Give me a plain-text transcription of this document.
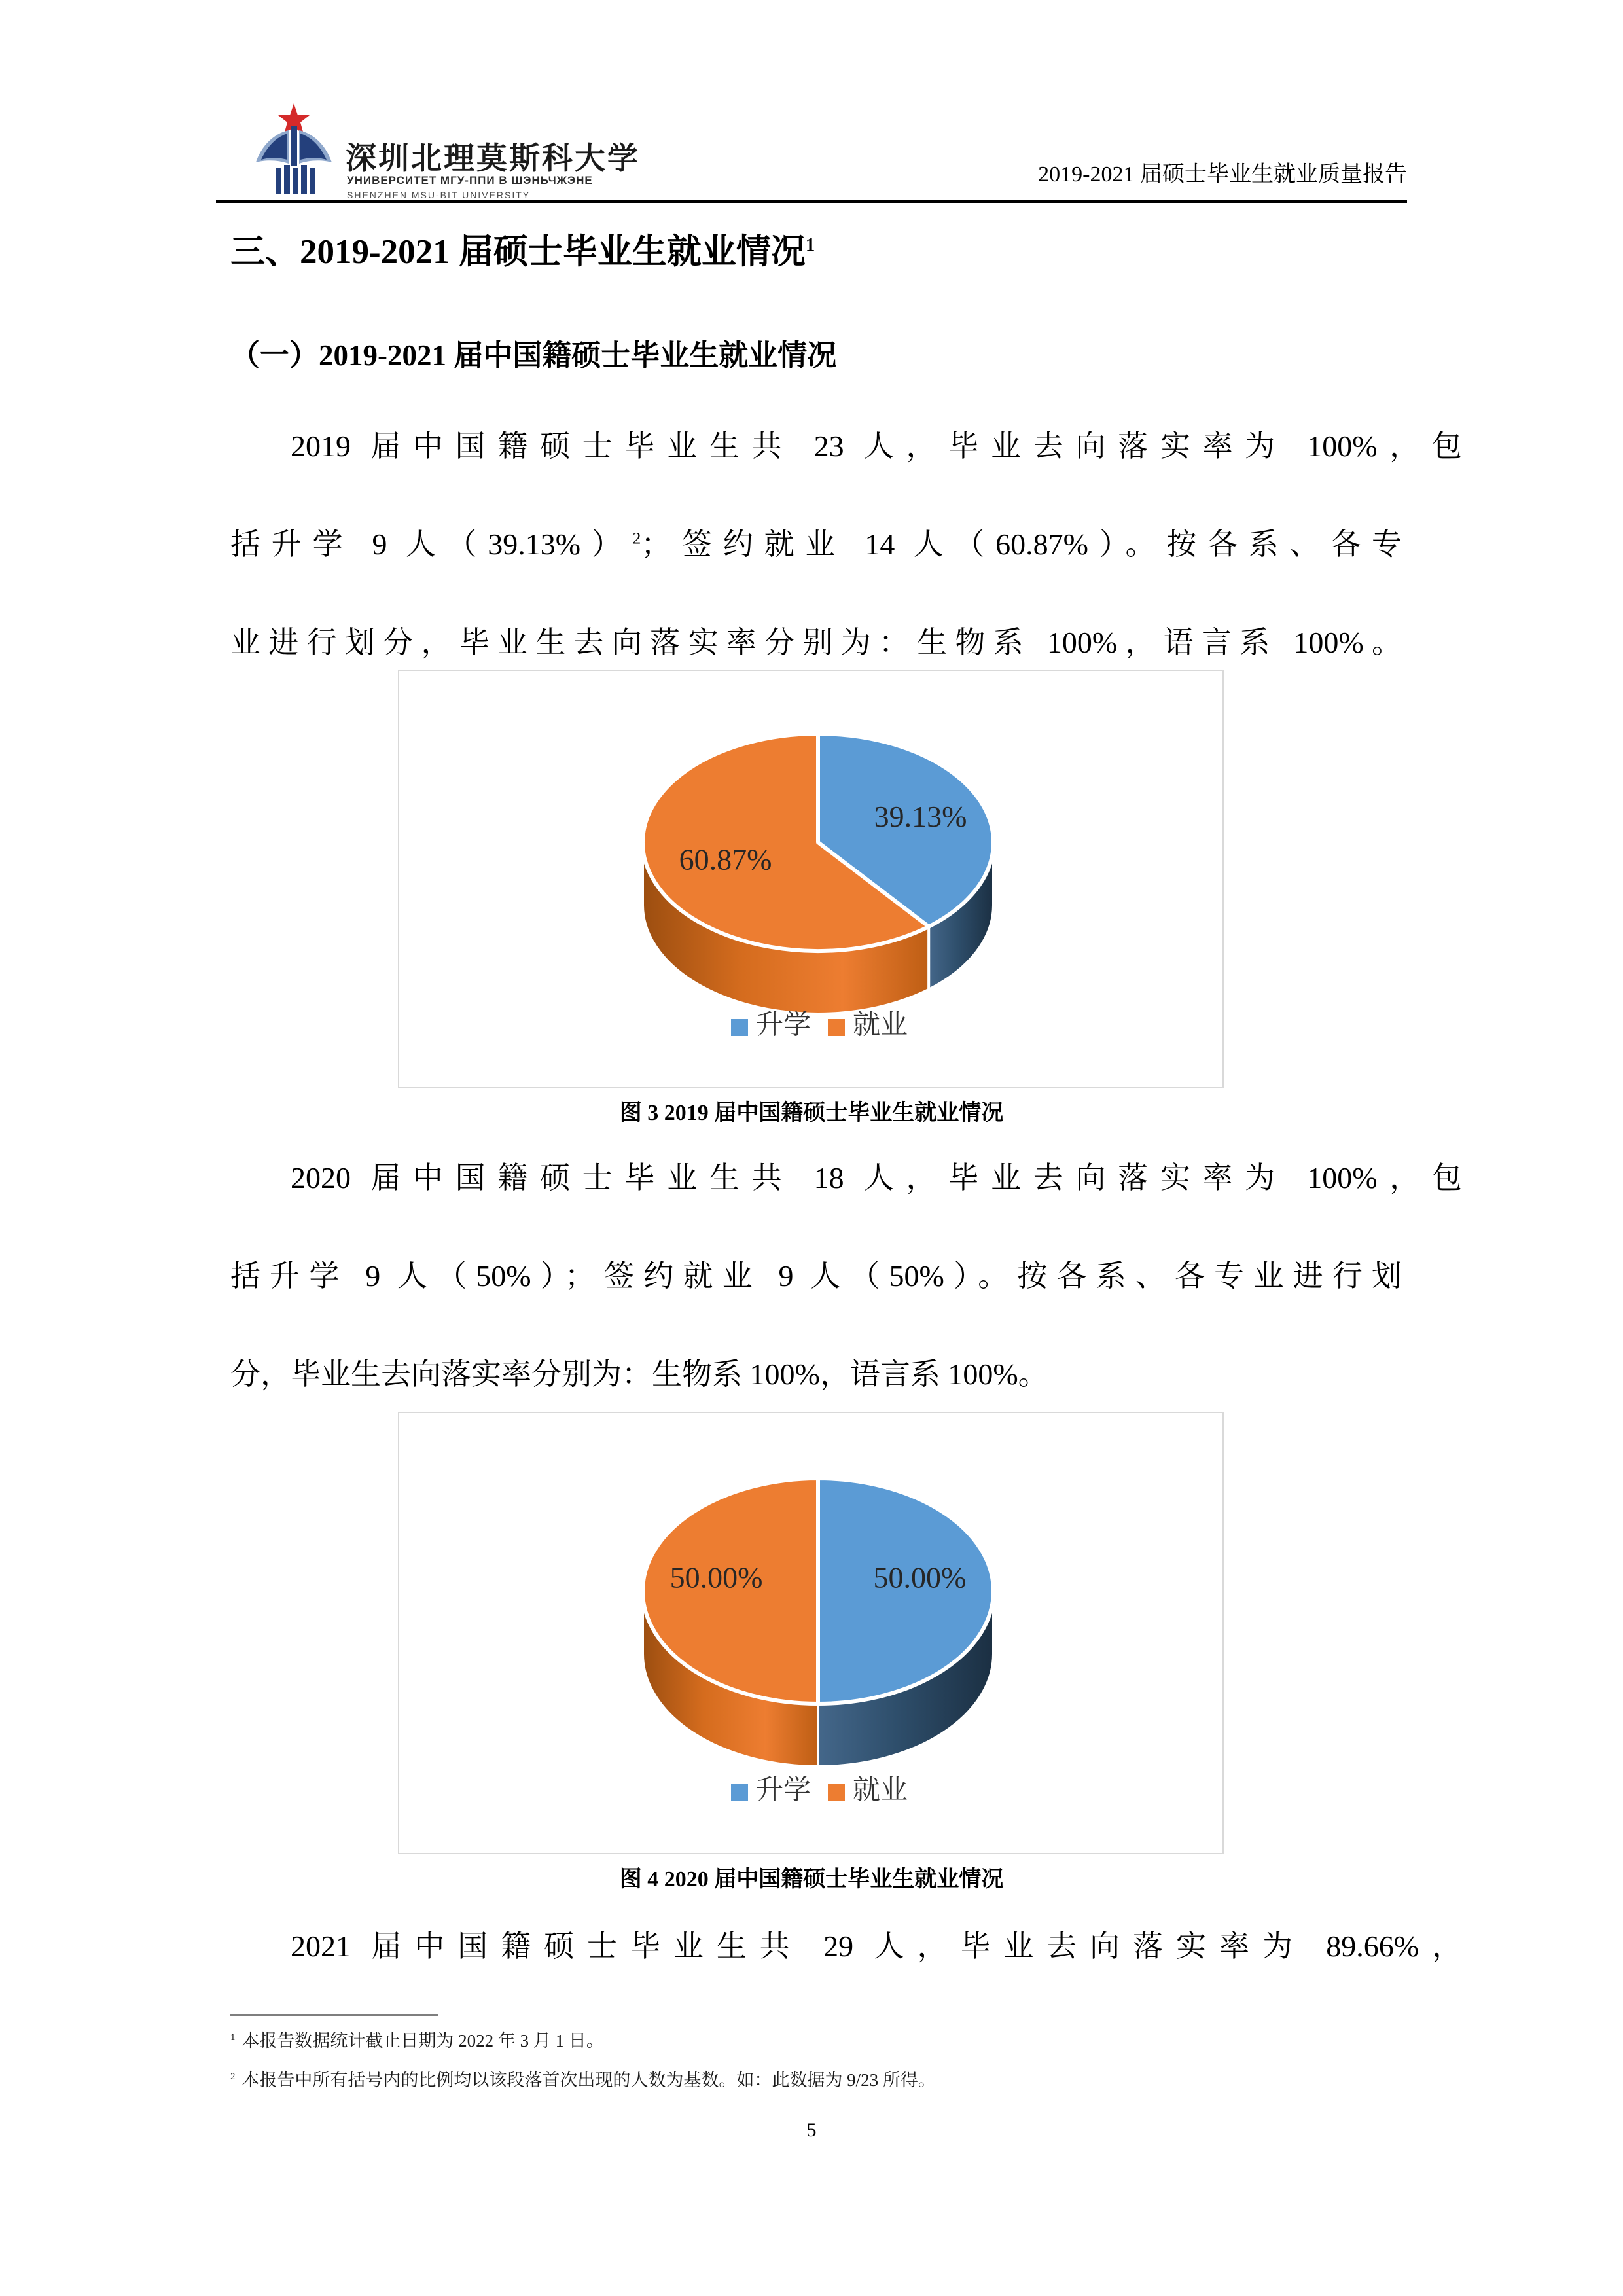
深圳北理莫斯科大学
УНИВЕРСИТЕТ МГУ-ППИ В ШЭНЬЧЖЭНЕ
SHENZHEN MSU-BIT UNIVERSITY
2019-2021 届硕士毕业生就业质量报告
三、2019-2021 届硕士毕业生就业情况$^1$
（一）2019-2021 届中国籍硕士毕业生就业情况
2019 届中国籍硕士毕业生共 23 人，毕业去向落实率为 100%，包
括升学 9 人（39.13%）$^2$；签约就业 14 人（60.87%）。按各系、各专
业进行划分，毕业生去向落实率分别为：生物系 100%，语言系 100%。
39.13%
60.87%
升学 就业
图 3 2019 届中国籍硕士毕业生就业情况
2020 届中国籍硕士毕业生共 18 人，毕业去向落实率为 100%，包
括升学 9 人（50%）；签约就业 9 人（50%）。按各系、各专业进行划
分，毕业生去向落实率分别为：生物系 100%，语言系 100%。
50.00%
50.00%
升学 就业
图 4 2020 届中国籍硕士毕业生就业情况
2021 届中国籍硕士毕业生共 29 人，毕业去向落实率为 89.66%，
$^1$ 本报告数据统计截止日期为 2022 年 3 月 1 日。
$^2$ 本报告中所有括号内的比例均以该段落首次出现的人数为基数。如：此数据为 9/23 所得。
5
